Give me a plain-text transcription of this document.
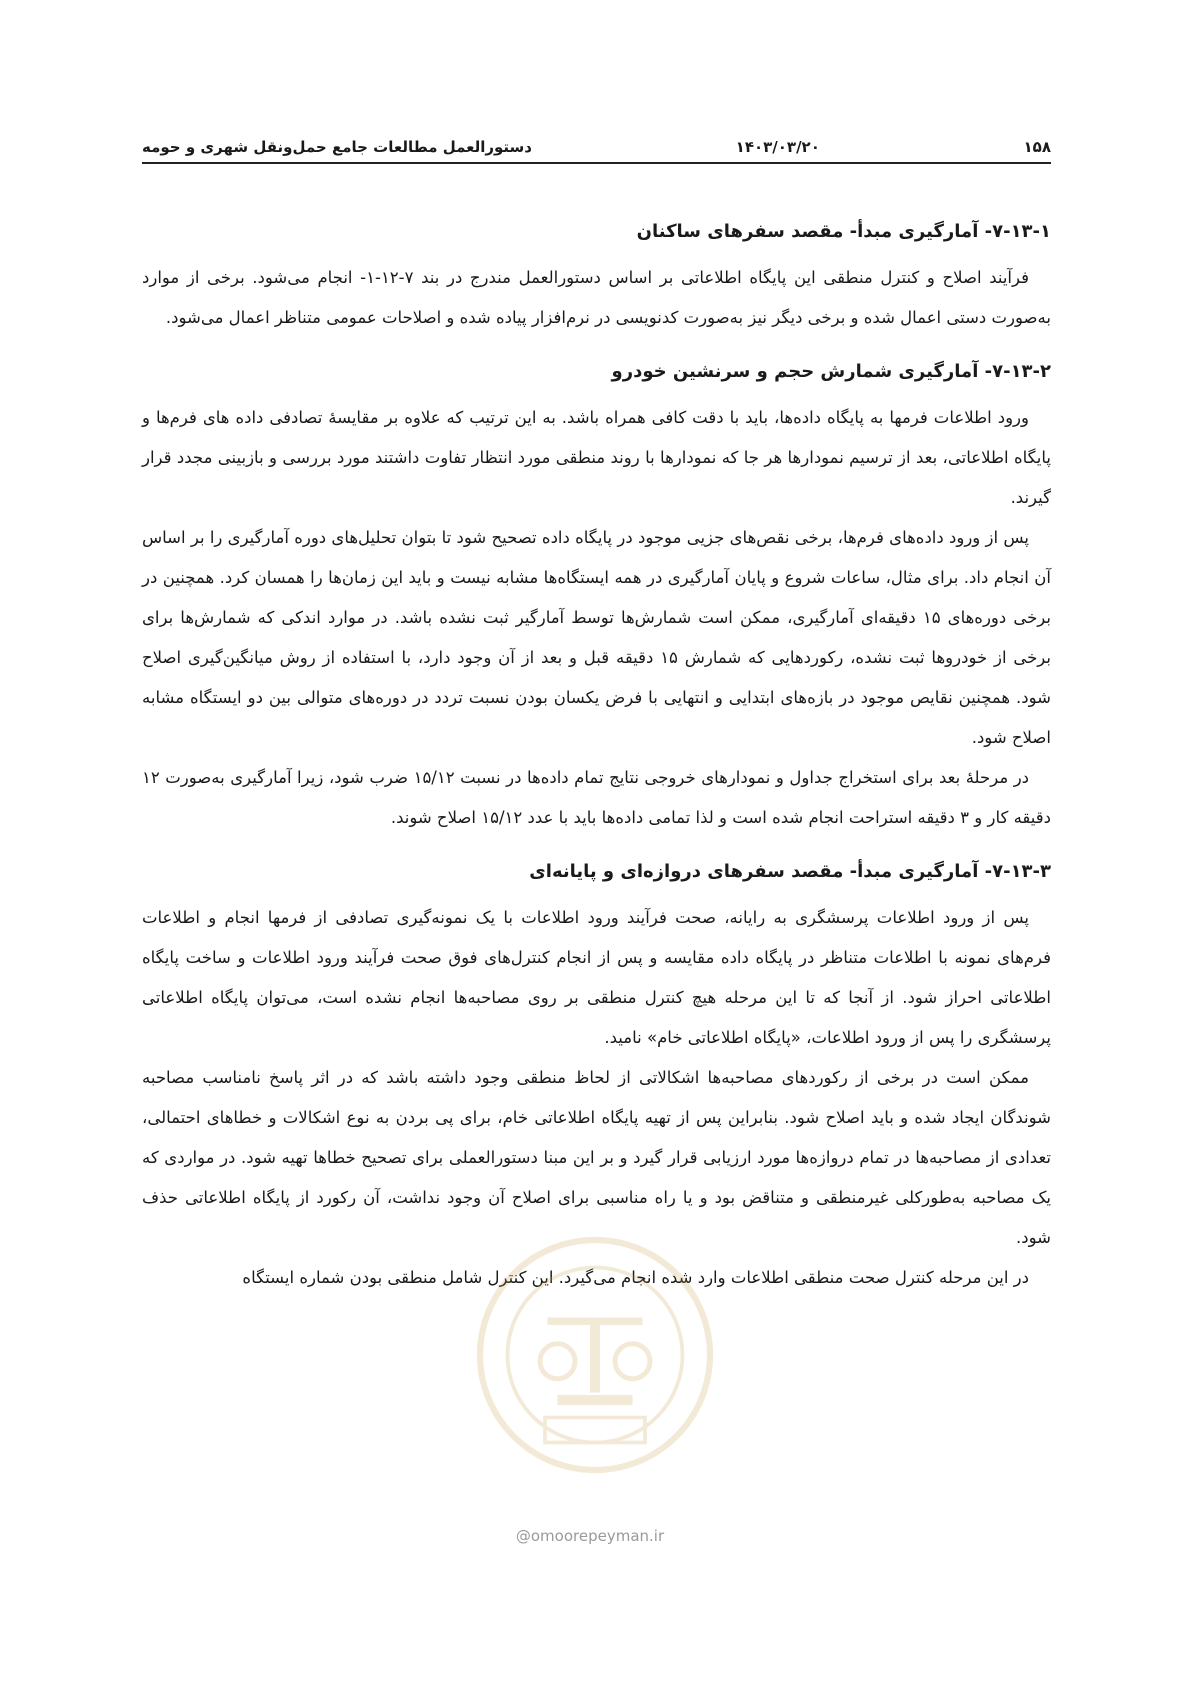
۱۵۸
۱۴۰۳/۰۳/۲۰
دستورالعمل مطالعات جامع حمل‌ونقل شهری و حومه
۷-۱۳-۱- آمارگیری مبدأ- مقصد سفرهای ساکنان

فرآیند اصلاح و کنترل منطقی این پایگاه اطلاعاتی بر اساس دستورالعمل مندرج در بند ۷-۱۲-۱- انجام می‌شود. برخی از موارد به‌صورت دستی اعمال شده و برخی دیگر نیز به‌صورت کدنویسی در نرم‌افزار پیاده شده و اصلاحات عمومی متناظر اعمال می‌شود.

۷-۱۳-۲- آمارگیری شمارش حجم و سرنشین خودرو

ورود اطلاعات فرمها به پایگاه داده‌ها، باید با دقت کافی همراه باشد. به این ترتیب که علاوه بر مقایسهٔ تصادفی داده های فرم‌ها و پایگاه اطلاعاتی، بعد از ترسیم نمودارها هر جا که نمودارها با روند منطقی مورد انتظار تفاوت داشتند مورد بررسی و بازبینی مجدد قرار گیرند.

پس از ورود داده‌های فرم‌ها، برخی نقص‌های جزیی موجود در پایگاه داده تصحیح شود تا بتوان تحلیل‌های دوره آمارگیری را بر اساس آن انجام داد. برای مثال، ساعات شروع و پایان آمارگیری در همه ایستگاه‌ها مشابه نیست و باید این زمان‌ها را همسان کرد. همچنین در برخی دوره‌های ۱۵ دقیقه‌ای آمارگیری، ممکن است شمارش‌ها توسط آمارگیر ثبت نشده باشد. در موارد اندکی که شمارش‌ها برای برخی از خودروها ثبت نشده، رکوردهایی که شمارش ۱۵ دقیقه قبل و بعد از آن وجود دارد، با استفاده از روش میانگین‌گیری اصلاح شود. همچنین نقایص موجود در بازه‌های ابتدایی و انتهایی با فرض یکسان بودن نسبت تردد در دوره‌های متوالی بین دو ایستگاه مشابه اصلاح شود.

در مرحلهٔ بعد برای استخراج جداول و نمودارهای خروجی نتایج تمام داده‌ها در نسبت ۱۵/۱۲ ضرب شود، زیرا آمارگیری به‌صورت ۱۲ دقیقه کار و ۳ دقیقه استراحت انجام شده است و لذا تمامی داده‌ها باید با عدد ۱۵/۱۲ اصلاح شوند.

۷-۱۳-۳- آمارگیری مبدأ- مقصد سفرهای دروازه‌ای و پایانه‌ای

پس از ورود اطلاعات پرسشگری به رایانه، صحت فرآیند ورود اطلاعات با یک نمونه‌گیری تصادفی از فرمها انجام و اطلاعات فرم‌های نمونه با اطلاعات متناظر در پایگاه داده مقایسه و پس از انجام کنترل‌های فوق صحت فرآیند ورود اطلاعات و ساخت پایگاه اطلاعاتی احراز شود. از آنجا که تا این مرحله هیچ کنترل منطقی بر روی مصاحبه‌ها انجام نشده است، می‌توان پایگاه اطلاعاتی پرسشگری را پس از ورود اطلاعات، «پایگاه اطلاعاتی خام» نامید.

ممکن است در برخی از رکوردهای مصاحبه‌ها اشکالاتی از لحاظ منطقی وجود داشته باشد که در اثر پاسخ نامناسب مصاحبه شوندگان ایجاد شده و باید اصلاح شود. بنابراین پس از تهیه پایگاه اطلاعاتی خام، برای پی بردن به نوع اشکالات و خطاهای احتمالی، تعدادی از مصاحبه‌ها در تمام دروازه‌ها مورد ارزیابی قرار گیرد و بر این مبنا دستورالعملی برای تصحیح خطاها تهیه شود. در مواردی که یک مصاحبه به‌طورکلی غیرمنطقی و متناقض بود و یا راه مناسبی برای اصلاح آن وجود نداشت، آن رکورد از پایگاه اطلاعاتی حذف شود.

در این مرحله کنترل صحت منطقی اطلاعات وارد شده انجام می‌گیرد. این کنترل شامل منطقی بودن شماره ایستگاه

@omoorepeyman.ir
